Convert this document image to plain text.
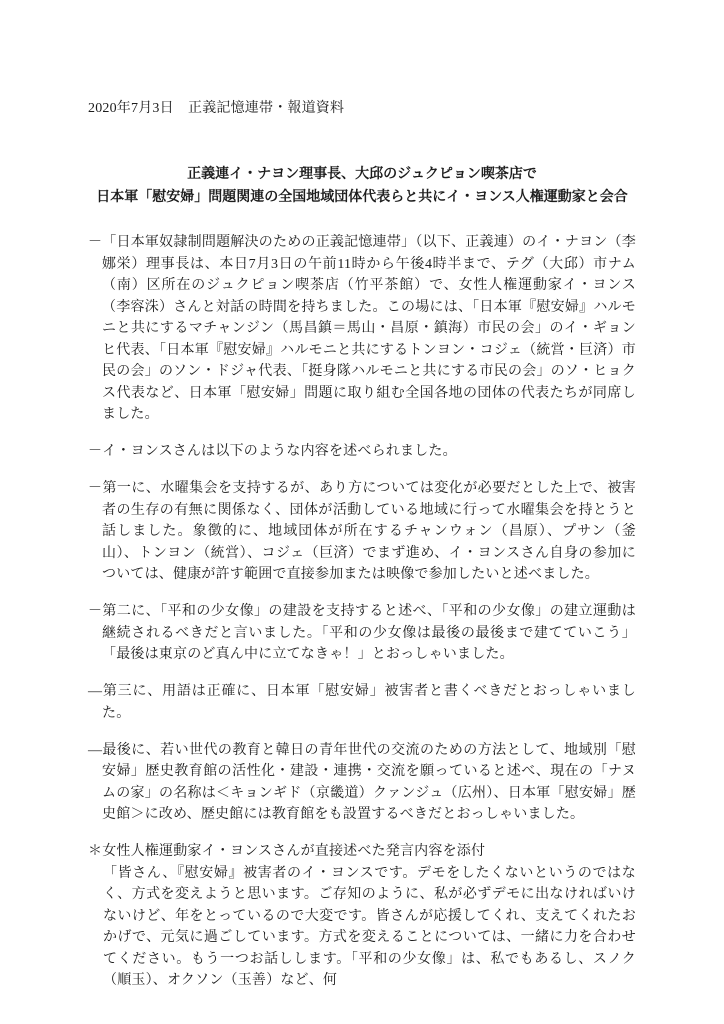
2020年7月3日　正義記憶連帯・報道資料
正義連イ・ナヨン理事長、大邱のジュクピョン喫茶店で
日本軍「慰安婦」問題関連の全国地域団体代表らと共にイ・ヨンス人権運動家と会合

－「日本軍奴隷制問題解決のための正義記憶連帯」（以下、正義連）のイ・ナヨン（李娜栄）理事長は、本日7月3日の午前11時から午後4時半まで、テグ（大邱）市ナム（南）区所在のジュクピョン喫茶店（竹平茶館）で、女性人権運動家イ・ヨンス（李容洙）さんと対話の時間を持ちました。この場には、「日本軍『慰安婦』ハルモニと共にするマチャンジン（馬昌鎮＝馬山・昌原・鎮海）市民の会」のイ・ギョンヒ代表、「日本軍『慰安婦』ハルモニと共にするトンヨン・コジェ（統営・巨済）市民の会」のソン・ドジャ代表、「挺身隊ハルモニと共にする市民の会」のソ・ヒョクス代表など、日本軍「慰安婦」問題に取り組む全国各地の団体の代表たちが同席しました。

－イ・ヨンスさんは以下のような内容を述べられました。

－第一に、水曜集会を支持するが、あり方については変化が必要だとした上で、被害者の生存の有無に関係なく、団体が活動している地域に行って水曜集会を持とうと話しました。象徴的に、地域団体が所在するチャンウォン（昌原）、プサン（釜山）、トンヨン（統営）、コジェ（巨済）でまず進め、イ・ヨンスさん自身の参加については、健康が許す範囲で直接参加または映像で参加したいと述べました。

－第二に、「平和の少女像」の建設を支持すると述べ、「平和の少女像」の建立運動は継続されるべきだと言いました。「平和の少女像は最後の最後まで建てていこう」「最後は東京のど真ん中に立てなきゃ！」とおっしゃいました。

—第三に、用語は正確に、日本軍「慰安婦」被害者と書くべきだとおっしゃいました。

—最後に、若い世代の教育と韓日の青年世代の交流のための方法として、地域別「慰安婦」歴史教育館の活性化・建設・連携・交流を願っていると述べ、現在の「ナヌムの家」の名称は＜キョンギド（京畿道）クァンジュ（広州）、日本軍「慰安婦」歴史館＞に改め、歴史館には教育館をも設置するべきだとおっしゃいました。

＊女性人権運動家イ・ヨンスさんが直接述べた発言内容を添付

「皆さん、『慰安婦』被害者のイ・ヨンスです。デモをしたくないというのではなく、方式を変えようと思います。ご存知のように、私が必ずデモに出なければいけないけど、年をとっているので大変です。皆さんが応援してくれ、支えてくれたおかげで、元気に過ごしています。方式を変えることについては、一緒に力を合わせてください。もう一つお話しします。「平和の少女像」は、私でもあるし、スノク（順玉）、オクソン（玉善）など、何
